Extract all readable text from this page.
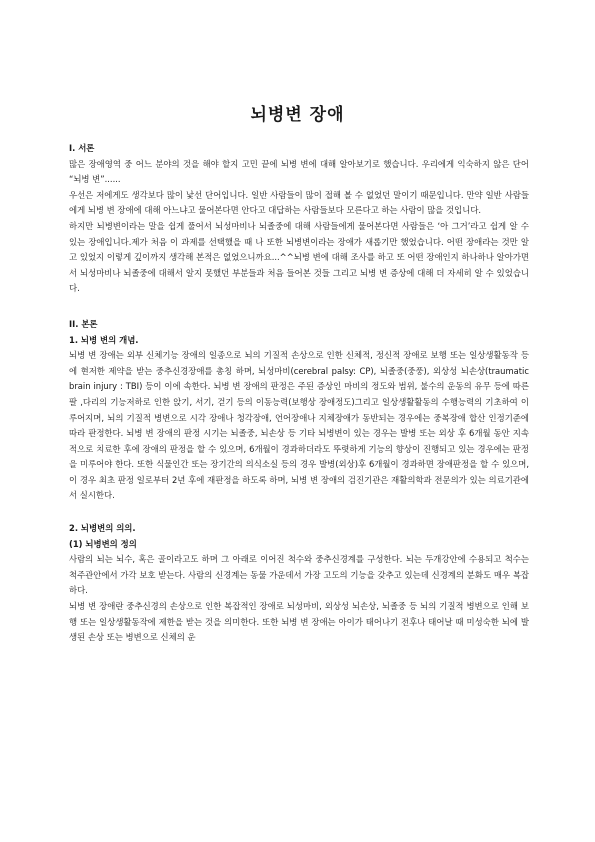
뇌병변 장애

I. 서론

많은 장애영역 중 어느 분야의 것을 해야 할지 고민 끝에 뇌병 변에 대해 알아보기로 했습니다. 우리에게 익숙하지 않은 단어 “뇌병 변”......

우선은 저에게도 생각보다 많이 낯선 단어입니다. 일반 사람들이 많이 접해 볼 수 없었던 말이기 때문입니다. 만약 일반 사람들에게 뇌병 변 장애에 대해 아느냐고 물어본다면 안다고 대답하는 사람들보다 모른다고 하는 사람이 많을 것입니다.

하지만 뇌병변이라는 말을 쉽게 풀어서 뇌성마비나 뇌졸중에 대해 사람들에게 물어본다면 사람들은 ‘아 그거’라고 쉽게 알 수 있는 장애입니다.제가 처음 이 과제를 선택했을 때 나 또한 뇌병변이라는 장애가 새롭기만 했었습니다. 어떤 장애라는 것만 알고 있었지 이렇게 깊이까지 생각해 본적은 없었으니까요...^^뇌병 변에 대해 조사를 하고 또 어떤 장애인지 하나하나 알아가면서 뇌성마비나 뇌졸중에 대해서 알지 못했던 부분들과 처음 들어본 것들 그리고 뇌병 변 증상에 대해 더 자세히 알 수 있었습니다.

II. 본론

1. 뇌병 변의 개념.

뇌병 변 장애는 외부 신체기능 장애의 일종으로 뇌의 기질적 손상으로 인한 신체적, 정신적 장애로 보행 또는 일상생활동작 등에 현저한 제약을 받는 중추신경장애를 총칭 하며, 뇌성마비(cerebral palsy: CP), 뇌졸중(중풍), 외상성 뇌손상(traumatic brain injury : TBI) 등이 이에 속한다. 뇌병 변 장애의 판정은 주된 증상인 마비의 정도와 범위, 불수의 운동의 유무 등에 따른 팔 ,다리의 기능저하로 인한 앉기, 서기, 걷기 등의 이동능력(보행상 장애정도)그리고 일상생활활동의 수행능력의 기초하여 이루어지며, 뇌의 기질적 병변으로 시각 장애나 청각장애, 언어장애나 지체장애가 동반되는 경우에는 중복장애 합산 인정기준에 따라 판정한다. 뇌병 변 장애의 판정 시기는 뇌졸중, 뇌손상 등 기타 뇌병변이 있는 경우는 발병 또는 외상 후 6개월 동안 지속적으로 치료한 후에 장애의 판정을 할 수 있으며, 6개월이 경과하더라도 뚜렷하게 기능의 향상이 진행되고 있는 경우에는 판정을 미루어야 한다. 또한 식물인간 또는 장기간의 의식소실 등의 경우 발병(외상)후 6개월이 경과하면 장애판정을 할 수 있으며, 이 경우 최초 판정 일로부터 2년 후에 재판정을 하도록 하며, 뇌병 변 장애의 검진기관은 재활의학과 전문의가 있는 의료기관에서 실시한다.

2. 뇌병변의 의의.

(1) 뇌병변의 정의

사람의 뇌는 뇌수, 혹은 골이라고도 하며 그 아래로 이어진 척수와 중추신경계를 구성한다. 뇌는 두개강안에 수용되고 척수는 척주관안에서 가각 보호 받는다. 사람의 신경계는 동물 가운데서 가장 고도의 기능을 갖추고 있는데 신경계의 분화도 매우 복잡하다.

뇌병 변 장애란 중추신경의 손상으로 인한 복잡적인 장애로 뇌성마비, 외상성 뇌손상, 뇌졸중 등 뇌의 기질적 병변으로 인해 보행 또는 일상생활동작에 제한을 받는 것을 의미한다. 또한 뇌병 변 장애는 아이가 태어나기 전후나 태어날 때 미성숙한 뇌에 발생된 손상 또는 병변으로 신체의 운
